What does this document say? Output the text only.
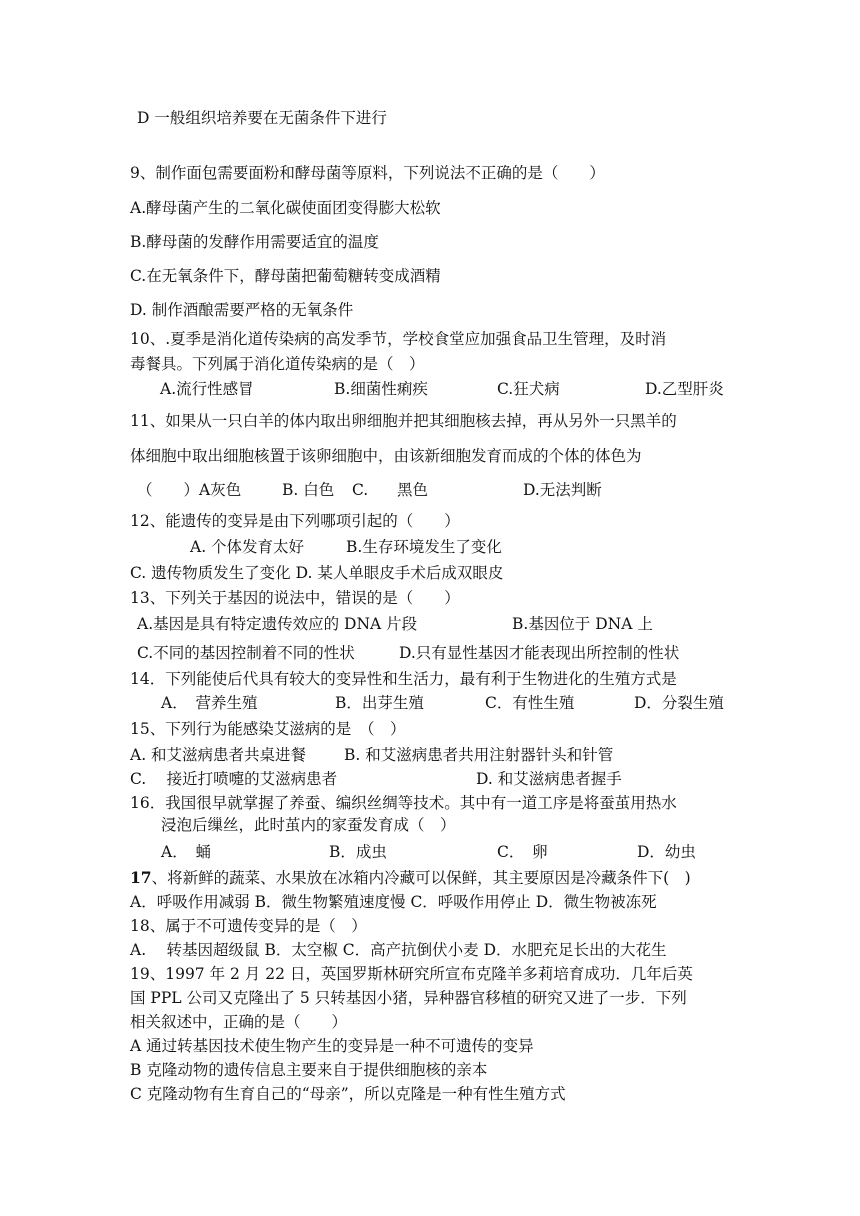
D 一般组织培养要在无菌条件下进行
9、制作面包需要面粉和酵母菌等原料，下列说法不正确的是（　　）
A.酵母菌产生的二氧化碳使面团变得膨大松软
B.酵母菌的发酵作用需要适宜的温度
C.在无氧条件下，酵母菌把葡萄糖转变成酒精
D. 制作酒酿需要严格的无氧条件
10、.夏季是消化道传染病的高发季节，学校食堂应加强食品卫生管理，及时消
毒餐具。下列属于消化道传染病的是（　）
A.流行性感冒	B.细菌性痢疾	C.狂犬病	D.乙型肝炎
11、如果从一只白羊的体内取出卵细胞并把其细胞核去掉，再从另外一只黑羊的
体细胞中取出细胞核置于该卵细胞中，由该新细胞发育而成的个体的体色为
（　　）A灰色	B. 白色 C. 黑色	D.无法判断
12、能遗传的变异是由下列哪项引起的（　　）
A. 个体发育太好	B.生存环境发生了变化
C. 遗传物质发生了变化 D. 某人单眼皮手术后成双眼皮
13、下列关于基因的说法中，错误的是（　　）
A.基因是具有特定遗传效应的 DNA 片段	B.基因位于 DNA 上
C.不同的基因控制着不同的性状	D.只有显性基因才能表现出所控制的性状
14．下列能使后代具有较大的变异性和生活力，最有利于生物进化的生殖方式是
A．　营养生殖	B．出芽生殖	C．有性生殖	D．分裂生殖
15、下列行为能感染艾滋病的是　（　）
A. 和艾滋病患者共桌进餐 B. 和艾滋病患者共用注射器针头和针管
C.　 接近打喷嚏的艾滋病患者	D. 和艾滋病患者握手
16．我国很早就掌握了养蚕、编织丝绸等技术。其中有一道工序是将蚕茧用热水
浸泡后缫丝，此时茧内的家蚕发育成（　）
A．　蛹	B．成虫	C．　卵	D．幼虫
17、将新鲜的蔬菜、水果放在冰箱内冷藏可以保鲜，其主要原因是冷藏条件下(　)
A．呼吸作用减弱 B．微生物繁殖速度慢 C．呼吸作用停止 D．微生物被冻死
18、属于不可遗传变异的是（　）
A.　 转基因超级鼠 B．太空椒 C．高产抗倒伏小麦 D．水肥充足长出的大花生
19、1997 年 2 月 22 日，英国罗斯林研究所宣布克隆羊多莉培育成功．几年后英
国 PPL 公司又克隆出了 5 只转基因小猪，异种器官移植的研究又进了一步．下列
相关叙述中，正确的是（　　）
A 通过转基因技术使生物产生的变异是一种不可遗传的变异
B 克隆动物的遗传信息主要来自于提供细胞核的亲本
C 克隆动物有生育自己的“母亲”，所以克隆是一种有性生殖方式
